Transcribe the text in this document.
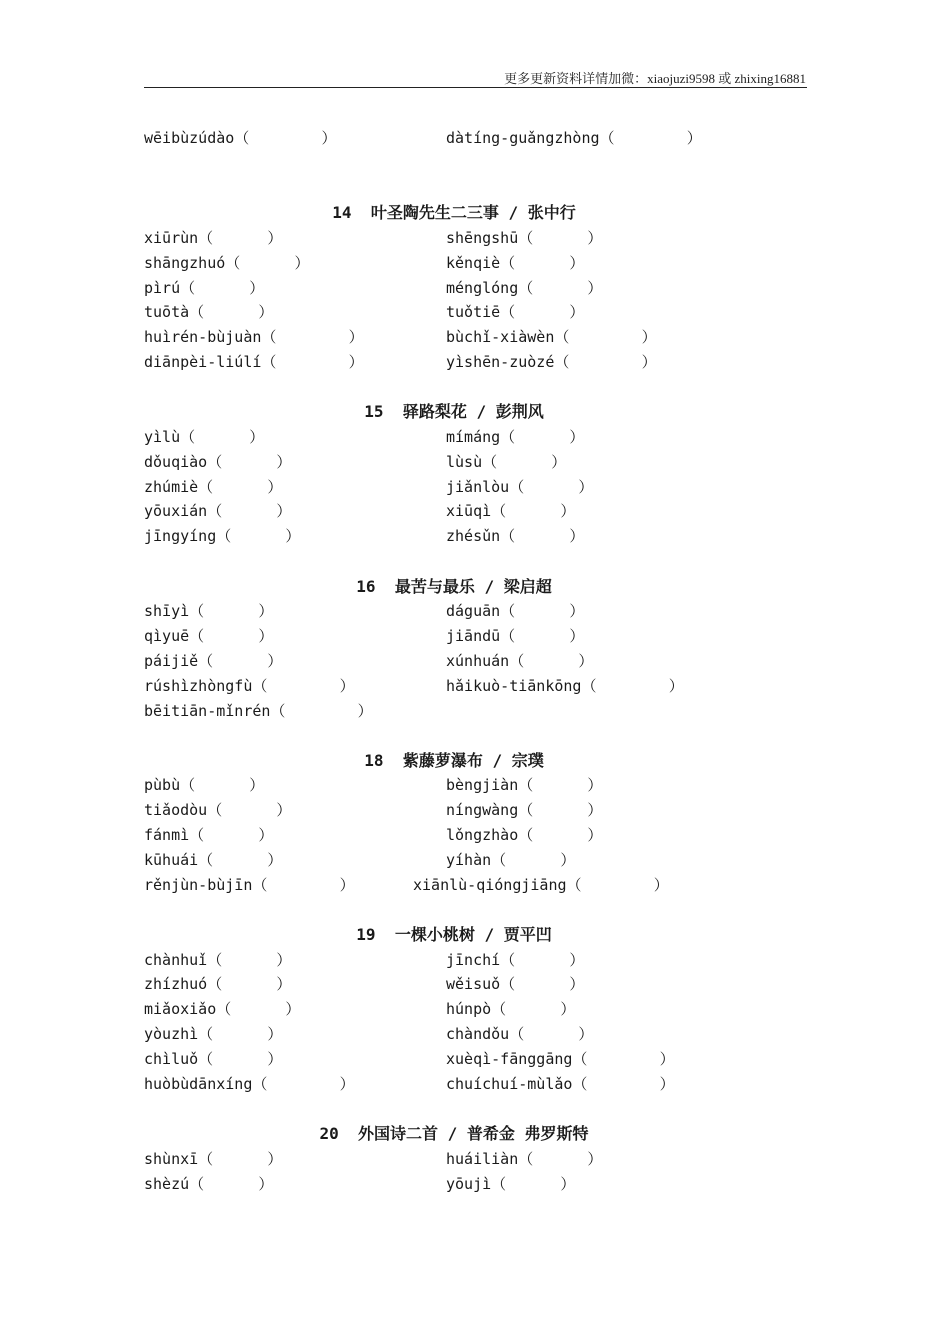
更多更新资料详情加微：xiaojuzi9598 或 zhixing16881
wēibùzúdào（        ）	dàtíng-guǎngzhòng（        ）
14  叶圣陶先生二三事 / 张中行
xiūrùn（      ）	shēngshū（      ）
shāngzhuó（      ）	kěnqiè（      ）
pìrú（      ）	ménglóng（      ）
tuōtà（      ）	tuǒtiē（      ）
huìrén-bùjuàn（        ）	bùchǐ-xiàwèn（        ）
diānpèi-liúlí（        ）	yìshēn-zuòzé（        ）
15  驿路梨花 / 彭荆风
yìlù（      ）	mímáng（      ）
dǒuqiào（      ）	lùsù（      ）
zhúmiè（      ）	jiǎnlòu（      ）
yōuxián（      ）	xiūqì（      ）
jīngyíng（      ）	zhésǔn（      ）
16  最苦与最乐 / 梁启超
shīyì（      ）	dáguān（      ）
qìyuē（      ）	jiāndū（      ）
páijiě（      ）	xúnhuán（      ）
rúshìzhòngfù（        ）	hǎikuò-tiānkōng（        ）
bēitiān-mǐnrén（        ）
18  紫藤萝瀑布 / 宗璞
pùbù（      ）	bèngjiàn（      ）
tiǎodòu（      ）	níngwàng（      ）
fánmì（      ）	lǒngzhào（      ）
kūhuái（      ）	yíhàn（      ）
rěnjùn-bùjīn（        ）	xiānlù-qióngjiāng（        ）
19  一棵小桃树 / 贾平凹
chànhuǐ（      ）	jīnchí（      ）
zhízhuó（      ）	wěisuǒ（      ）
miǎoxiǎo（      ）	húnpò（      ）
yòuzhì（      ）	chàndǒu（      ）
chìluǒ（      ）	xuèqì-fānggāng（        ）
huòbùdānxíng（        ）	chuíchuí-mùlǎo（        ）
20  外国诗二首 / 普希金 弗罗斯特
shùnxī（      ）	huáiliàn（      ）
shèzú（      ）	yōujì（      ）
